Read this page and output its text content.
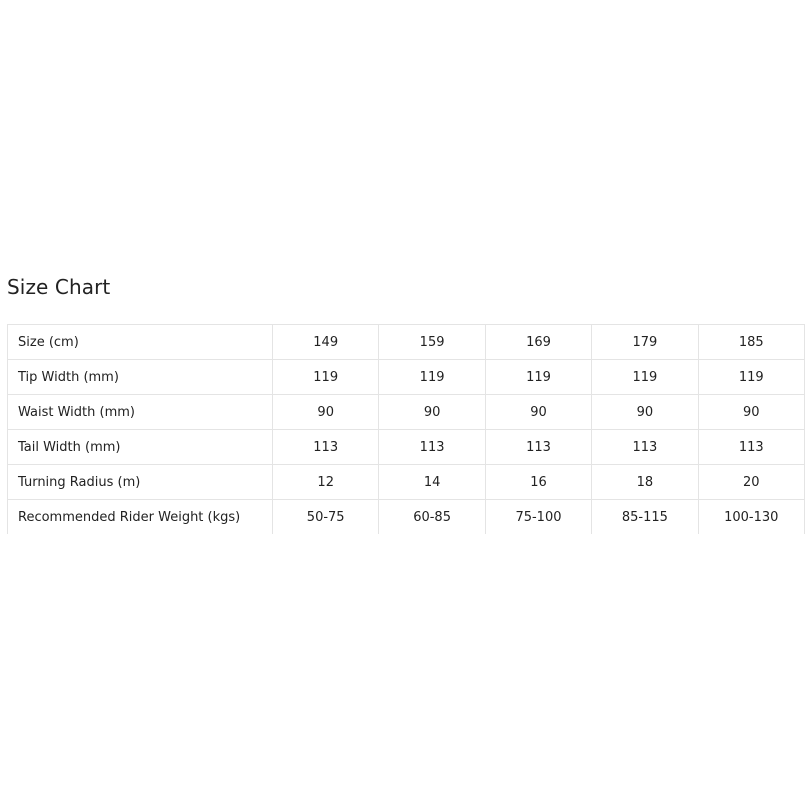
Size Chart
Size (cm)	149	159	169	179	185
Tip Width (mm)	119	119	119	119	119
Waist Width (mm)	90	90	90	90	90
Tail Width (mm)	113	113	113	113	113
Turning Radius (m)	12	14	16	18	20
Recommended Rider Weight (kgs)	50-75	60-85	75-100	85-115	100-130
